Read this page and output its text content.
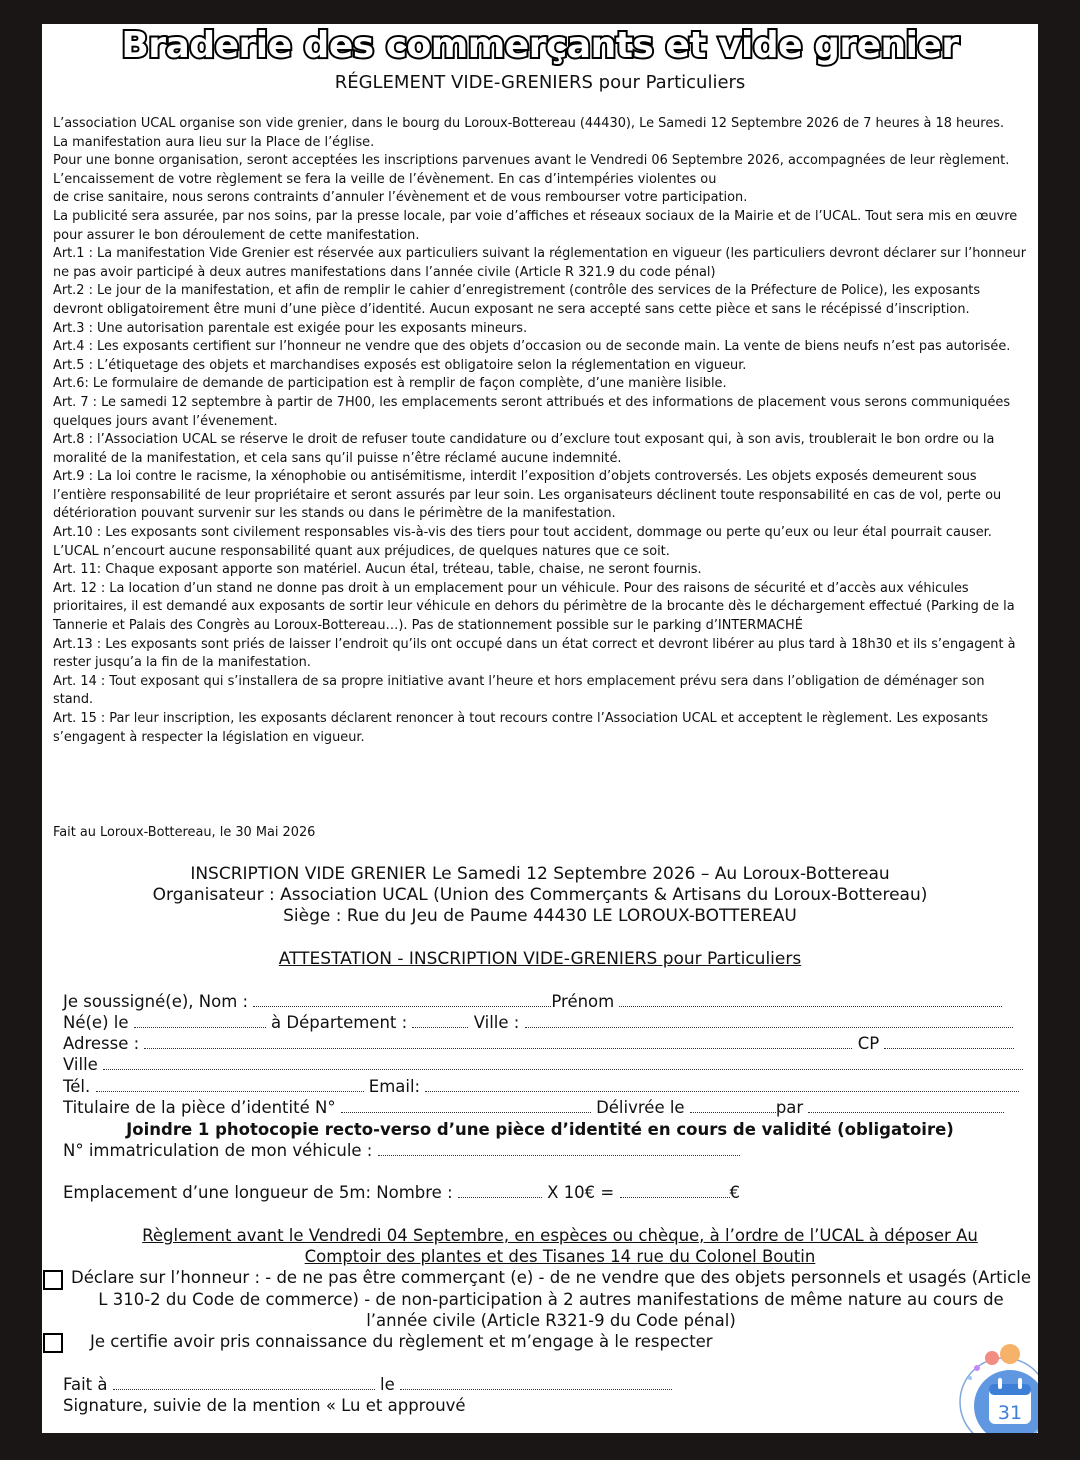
Braderie des commerçants et vide grenier
RÉGLEMENT VIDE-GRENIERS pour Particuliers

L’association UCAL organise son vide grenier, dans le bourg du Loroux-Bottereau (44430), Le Samedi 12 Septembre 2026 de 7 heures à 18 heures.

La manifestation aura lieu sur la Place de l’église.

Pour une bonne organisation, seront acceptées les inscriptions parvenues avant le Vendredi 06 Septembre 2026, accompagnées de leur règlement.

L’encaissement de votre règlement se fera la veille de l’évènement. En cas d’intempéries violentes ou

de crise sanitaire, nous serons contraints d’annuler l’évènement et de vous rembourser votre participation.

La publicité sera assurée, par nos soins, par la presse locale, par voie d’affiches et réseaux sociaux de la Mairie et de l’UCAL. Tout sera mis en œuvre pour assurer le bon déroulement de cette manifestation.

Art.1 : La manifestation Vide Grenier est réservée aux particuliers suivant la réglementation en vigueur (les particuliers devront déclarer sur l’honneur ne pas avoir participé à deux autres manifestations dans l’année civile (Article R 321.9 du code pénal)

Art.2 : Le jour de la manifestation, et afin de remplir le cahier d’enregistrement (contrôle des services de la Préfecture de Police), les exposants devront obligatoirement être muni d’une pièce d’identité. Aucun exposant ne sera accepté sans cette pièce et sans le récépissé d’inscription.

Art.3 : Une autorisation parentale est exigée pour les exposants mineurs.

Art.4 : Les exposants certifient sur l’honneur ne vendre que des objets d’occasion ou de seconde main. La vente de biens neufs n’est pas autorisée.

Art.5 : L’étiquetage des objets et marchandises exposés est obligatoire selon la réglementation en vigueur.

Art.6: Le formulaire de demande de participation est à remplir de façon complète, d’une manière lisible.

Art. 7 : Le samedi 12 septembre à partir de 7H00, les emplacements seront attribués et des informations de placement vous serons communiquées quelques jours avant l’évenement.

Art.8 : l’Association UCAL se réserve le droit de refuser toute candidature ou d’exclure tout exposant qui, à son avis, troublerait le bon ordre ou la moralité de la manifestation, et cela sans qu’il puisse n’être réclamé aucune indemnité.

Art.9 : La loi contre le racisme, la xénophobie ou antisémitisme, interdit l’exposition d’objets controversés. Les objets exposés demeurent sous l’entière responsabilité de leur propriétaire et seront assurés par leur soin. Les organisateurs déclinent toute responsabilité en cas de vol, perte ou détérioration pouvant survenir sur les stands ou dans le périmètre de la manifestation.

Art.10 : Les exposants sont civilement responsables vis-à-vis des tiers pour tout accident, dommage ou perte qu’eux ou leur étal pourrait causer. L’UCAL n’encourt aucune responsabilité quant aux préjudices, de quelques natures que ce soit.

Art. 11: Chaque exposant apporte son matériel. Aucun étal, tréteau, table, chaise, ne seront fournis.

Art. 12 : La location d’un stand ne donne pas droit à un emplacement pour un véhicule. Pour des raisons de sécurité et d’accès aux véhicules prioritaires, il est demandé aux exposants de sortir leur véhicule en dehors du périmètre de la brocante dès le déchargement effectué (Parking de la Tannerie et Palais des Congrès au Loroux-Bottereau…). Pas de stationnement possible sur le parking d’INTERMACHÉ

Art.13 : Les exposants sont priés de laisser l’endroit qu’ils ont occupé dans un état correct et devront libérer au plus tard à 18h30 et ils s’engagent à rester jusqu’a la fin de la manifestation.

Art. 14 : Tout exposant qui s’installera de sa propre initiative avant l’heure et hors emplacement prévu sera dans l’obligation de déménager son stand.

Art. 15 : Par leur inscription, les exposants déclarent renoncer à tout recours contre l’Association UCAL et acceptent le règlement. Les exposants s’engagent à respecter la législation en vigueur.

Fait au Loroux-Bottereau, le 30 Mai 2026
INSCRIPTION VIDE GRENIER Le Samedi 12 Septembre 2026 – Au Loroux-Bottereau
Organisateur : Association UCAL (Union des Commerçants & Artisans du Loroux-Bottereau)
Siège : Rue du Jeu de Paume 44430 LE LOROUX-BOTTEREAU
ATTESTATION - INSCRIPTION VIDE-GRENIERS pour Particuliers
Je soussigné(e), Nom :	Prénom
Né(e) le	à Département :	Ville :
Adresse :	CP
Ville
Tél.	Email:
Titulaire de la pièce d’identité N°	Délivrée le	par
Joindre 1 photocopie recto-verso d’une pièce d’identité en cours de validité (obligatoire)
N° immatriculation de mon véhicule :
Emplacement d’une longueur de 5m: Nombre :	X 10€ =	€
Règlement avant le Vendredi 04 Septembre, en espèces ou chèque, à l’ordre de l’UCAL à déposer Au Comptoir des plantes et des Tisanes 14 rue du Colonel Boutin
Déclare sur l’honneur : - de ne pas être commerçant (e) - de ne vendre que des objets personnels et usagés (Article L 310-2 du Code de commerce) - de non-participation à 2 autres manifestations de même nature au cours de l’année civile (Article R321-9 du Code pénal)
Je certifie avoir pris connaissance du règlement et m’engage à le respecter
Fait à	le
Signature, suivie de la mention « Lu et approuvé	31
